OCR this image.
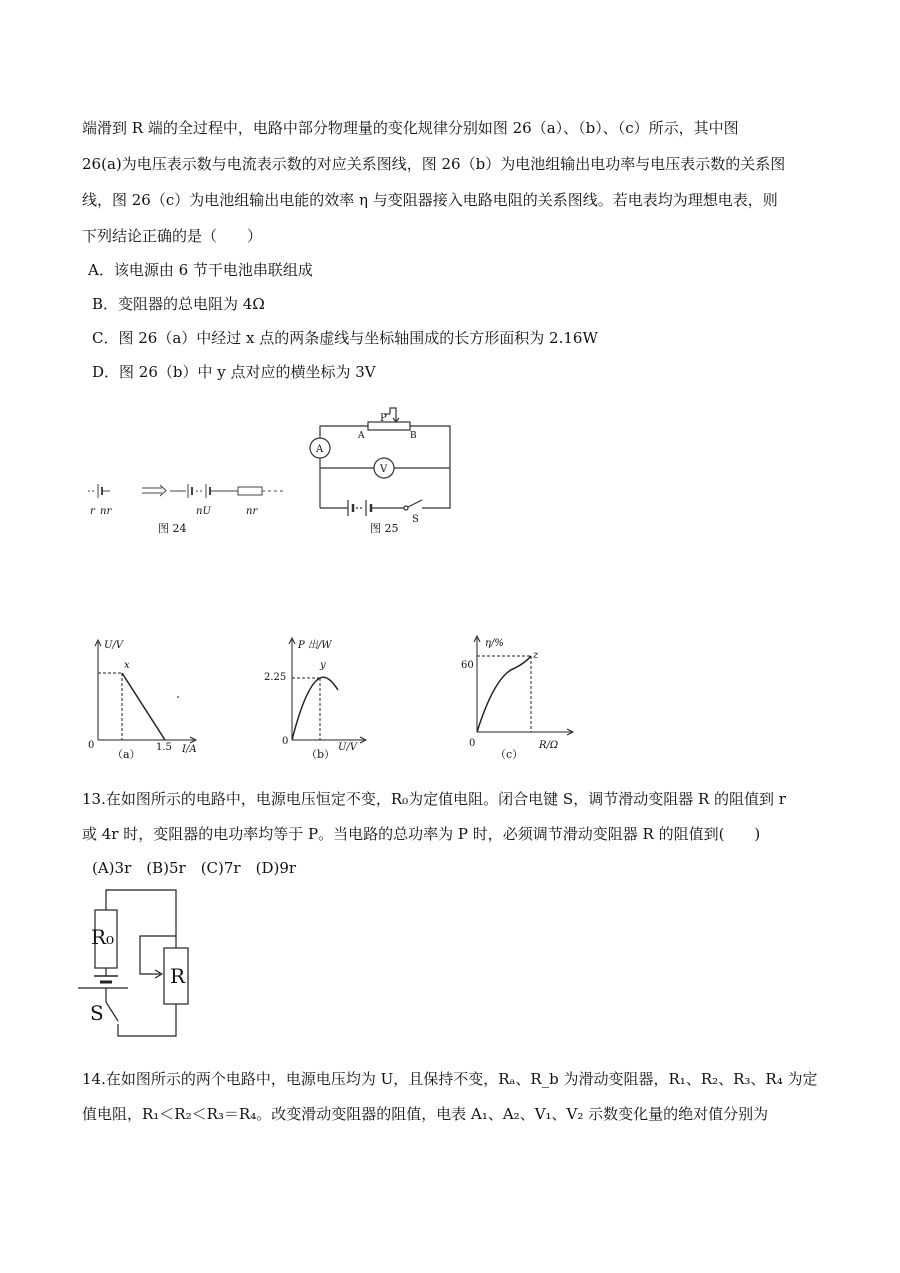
端滑到 R 端的全过程中，电路中部分物理量的变化规律分别如图 26（a）、（b）、（c）所示，其中图
26(a)为电压表示数与电流表示数的对应关系图线，图 26（b）为电池组输出电功率与电压表示数的关系图
线，图 26（c）为电池组输出电能的效率 η 与变阻器接入电路电阻的关系图线。若电表均为理想电表，则
下列结论正确的是（　　）
A．该电源由 6 节干电池串联组成
B．变阻器的总电阻为 4Ω
C．图 26（a）中经过 x 点的两条虚线与坐标轴围成的长方形面积为 2.16W
D．图 26（b）中 y 点对应的横坐标为 3V
r nr	nU	nr
图 24
P
A	B
A
V
S
图 25
U/V
x
0	1.5 I/A
（a）
P 出/W
y
2.25
0
U/V
（b）
η/%
z
60
0	R/Ω
（c）
13.在如图所示的电路中，电源电压恒定不变，R₀为定值电阻。闭合电键 S，调节滑动变阻器 R 的阻值到 r
或 4r 时，变阻器的电功率均等于 P。当电路的总功率为 P 时，必须调节滑动变阻器 R 的阻值到(　　)
(A)3r　(B)5r　(C)7r　(D)9r
R₀
R
S
14.在如图所示的两个电路中，电源电压均为 U，且保持不变，Rₐ、R_b 为滑动变阻器，R₁、R₂、R₃、R₄ 为定
值电阻，R₁＜R₂＜R₃＝R₄。改变滑动变阻器的阻值，电表 A₁、A₂、V₁、V₂ 示数变化量的绝对值分别为
